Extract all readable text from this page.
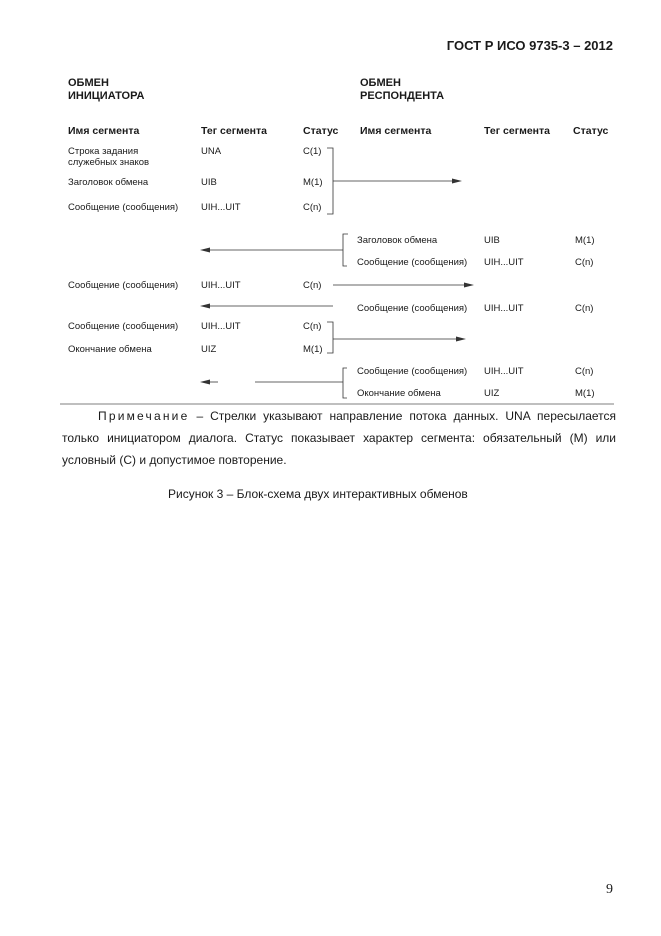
ГОСТ Р ИСО 9735-3 – 2012
ОБМЕН
ИНИЦИАТОРА
ОБМЕН
РЕСПОНДЕНТА
Имя сегмента	Тег сегмента	Статус Имя сегмента	Тег сегмента Статус
Строка задания
служебных знаков
UNA	C(1)
Заголовок обмена	UIB	M(1)
Сообщение (сообщения) UIH...UIT	C(n)
Сообщение (сообщения) UIH...UIT	C(n)
Сообщение (сообщения) UIH...UIT	C(n)
Окончание обмена	UIZ	M(1)
Заголовок обмена	UIB	M(1)
Сообщение (сообщения) UIH...UIT	C(n)
Сообщение (сообщения) UIH...UIT	C(n)
Сообщение (сообщения) UIH...UIT	C(n)
Окончание обмена	UIZ	M(1)
Примечание – Стрелки указывают направление потока данных. UNA пересылается только инициатором диалога. Статус показывает характер сегмента: обязательный (М) или условный (С) и допустимое повторение.
Рисунок 3 – Блок-схема двух интерактивных обменов
9
